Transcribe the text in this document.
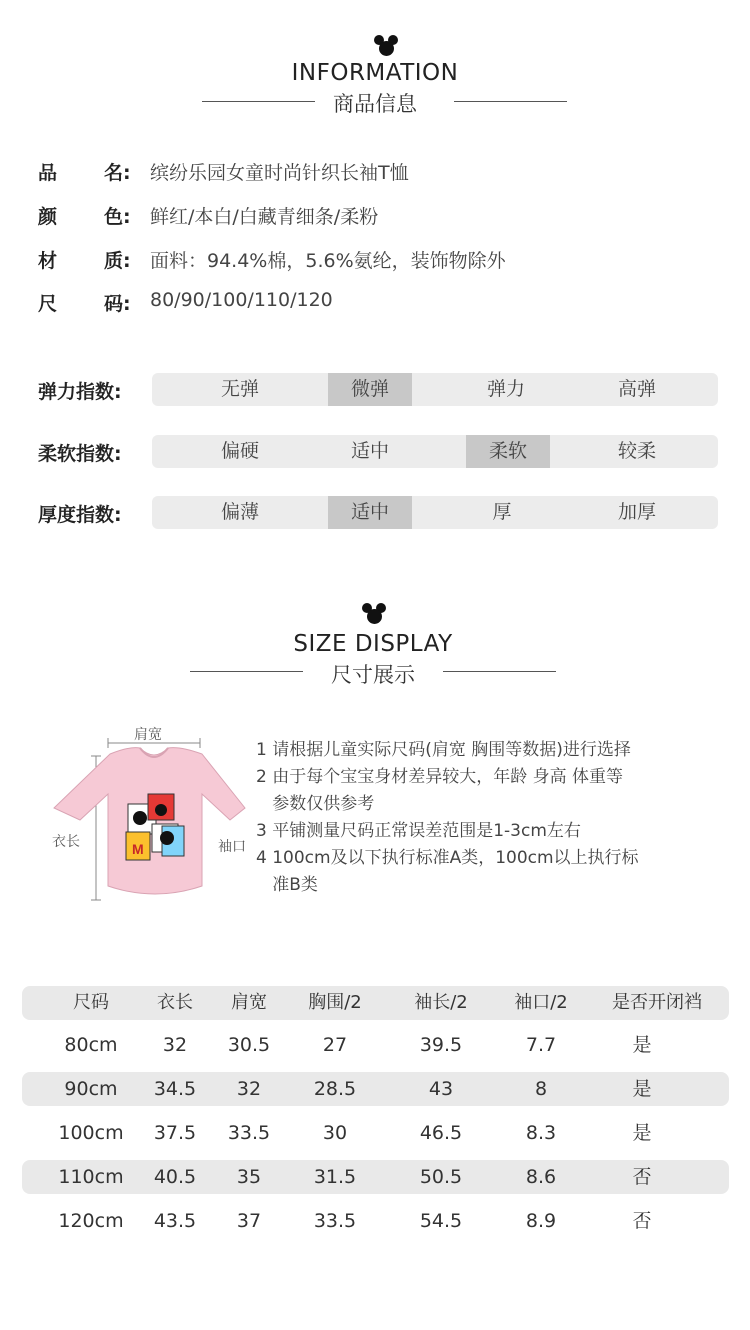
INFORMATION
商品信息
品 名: 缤纷乐园女童时尚针织长袖T恤
颜 色: 鲜红/本白/白藏青细条/柔粉
材 质: 面料：94.4%棉，5.6%氨纶，装饰物除外
尺 码: 80/90/100/110/120
弹力指数:	无弹	微弹	弹力	高弹
柔软指数:	偏硬	适中	柔软	较柔
厚度指数:	偏薄	适中	厚	加厚
SIZE DISPLAY
尺寸展示
M
肩宽
衣长	袖口
1 请根据儿童实际尺码(肩宽 胸围等数据)进行选择
2 由于每个宝宝身材差异较大，年龄 身高 体重等
参数仅供参考
3 平铺测量尺码正常误差范围是1-3cm左右
4 100cm及以下执行标准A类，100cm以上执行标
准B类
尺码	衣长 肩宽 胸围/2	袖长/2	袖口/2 是否开闭裆
80cm 32 30.5	27	39.5	7.7	是
90cm 34.5 32	28.5	43	8	是
100cm 37.5 33.5	30	46.5	8.3	是
110cm 40.5 35	31.5	50.5	8.6	否
120cm 43.5 37	33.5	54.5	8.9	否
